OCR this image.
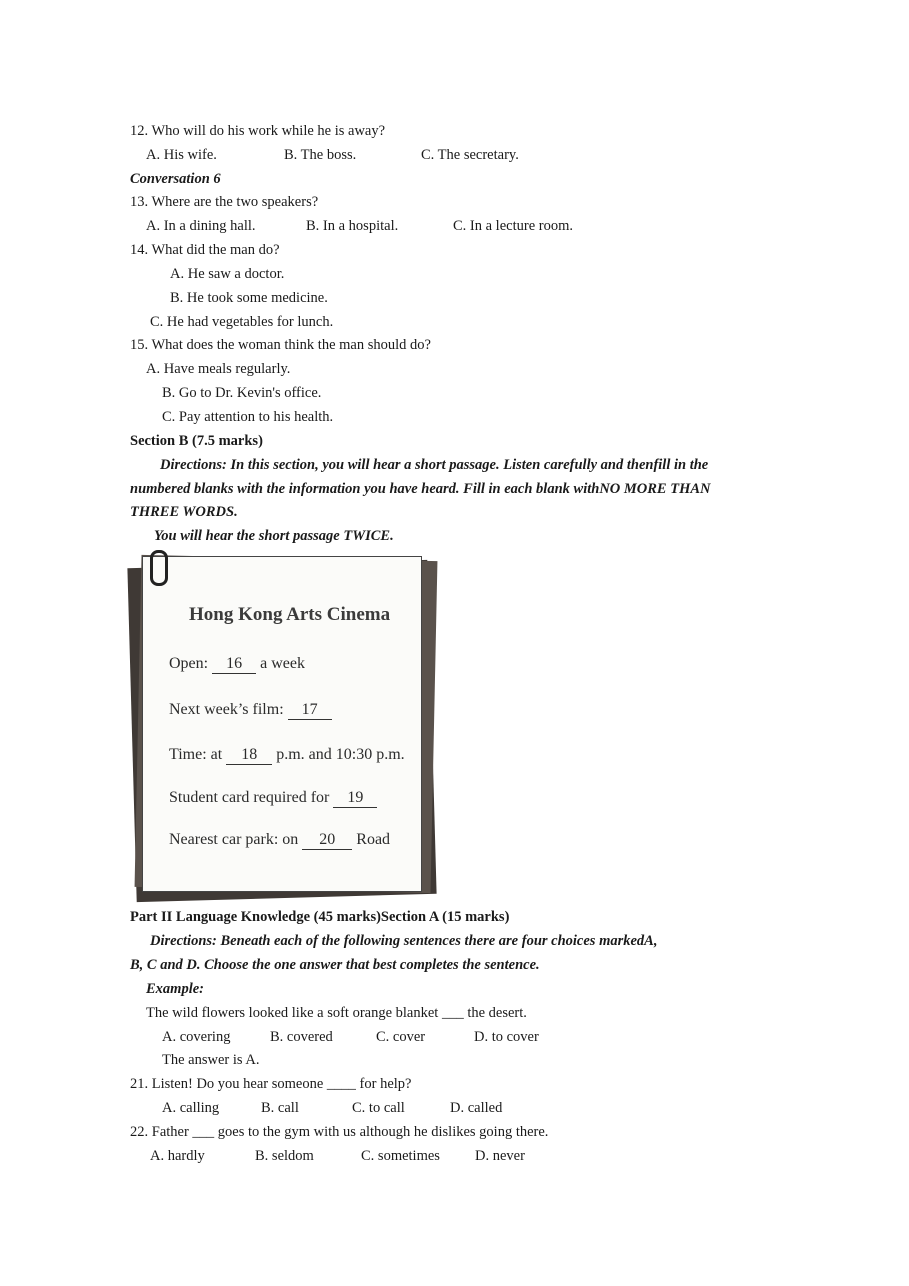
12. Who will do his work while he is away?
A. His wife.	B. The boss.	C. The secretary.
Conversation 6
13. Where are the two speakers?
A. In a dining hall.	B. In a hospital.	C. In a lecture room.
14. What did the man do?
A. He saw a doctor.
B. He took some medicine.
C. He had vegetables for lunch.
15. What does the woman think the man should do?
A. Have meals regularly.
B. Go to Dr. Kevin's office.
C. Pay attention to his health.
Section B (7.5 marks)
Directions: In this section, you will hear a short passage. Listen carefully and thenfill in the
numbered blanks with the information you have heard. Fill in each blank withNO MORE THAN
THREE WORDS.
You will hear the short passage TWICE.
Hong Kong Arts Cinema
Open: 16 a week
Next week’s film: 17
Time: at 18 p.m. and 10:30 p.m.
Student card required for 19
Nearest car park: on 20 Road
Part II Language Knowledge (45 marks)Section A (15 marks)
Directions: Beneath each of the following sentences there are four choices markedA,
B, C and D. Choose the one answer that best completes the sentence.
Example:
The wild flowers looked like a soft orange blanket ___ the desert.
A. covering	B. covered	C. cover	D. to cover
The answer is A.
21. Listen! Do you hear someone ____ for help?
A. calling	B. call	C. to call	D. called
22. Father ___ goes to the gym with us although he dislikes going there.
A. hardly	B. seldom	C. sometimes D. never
